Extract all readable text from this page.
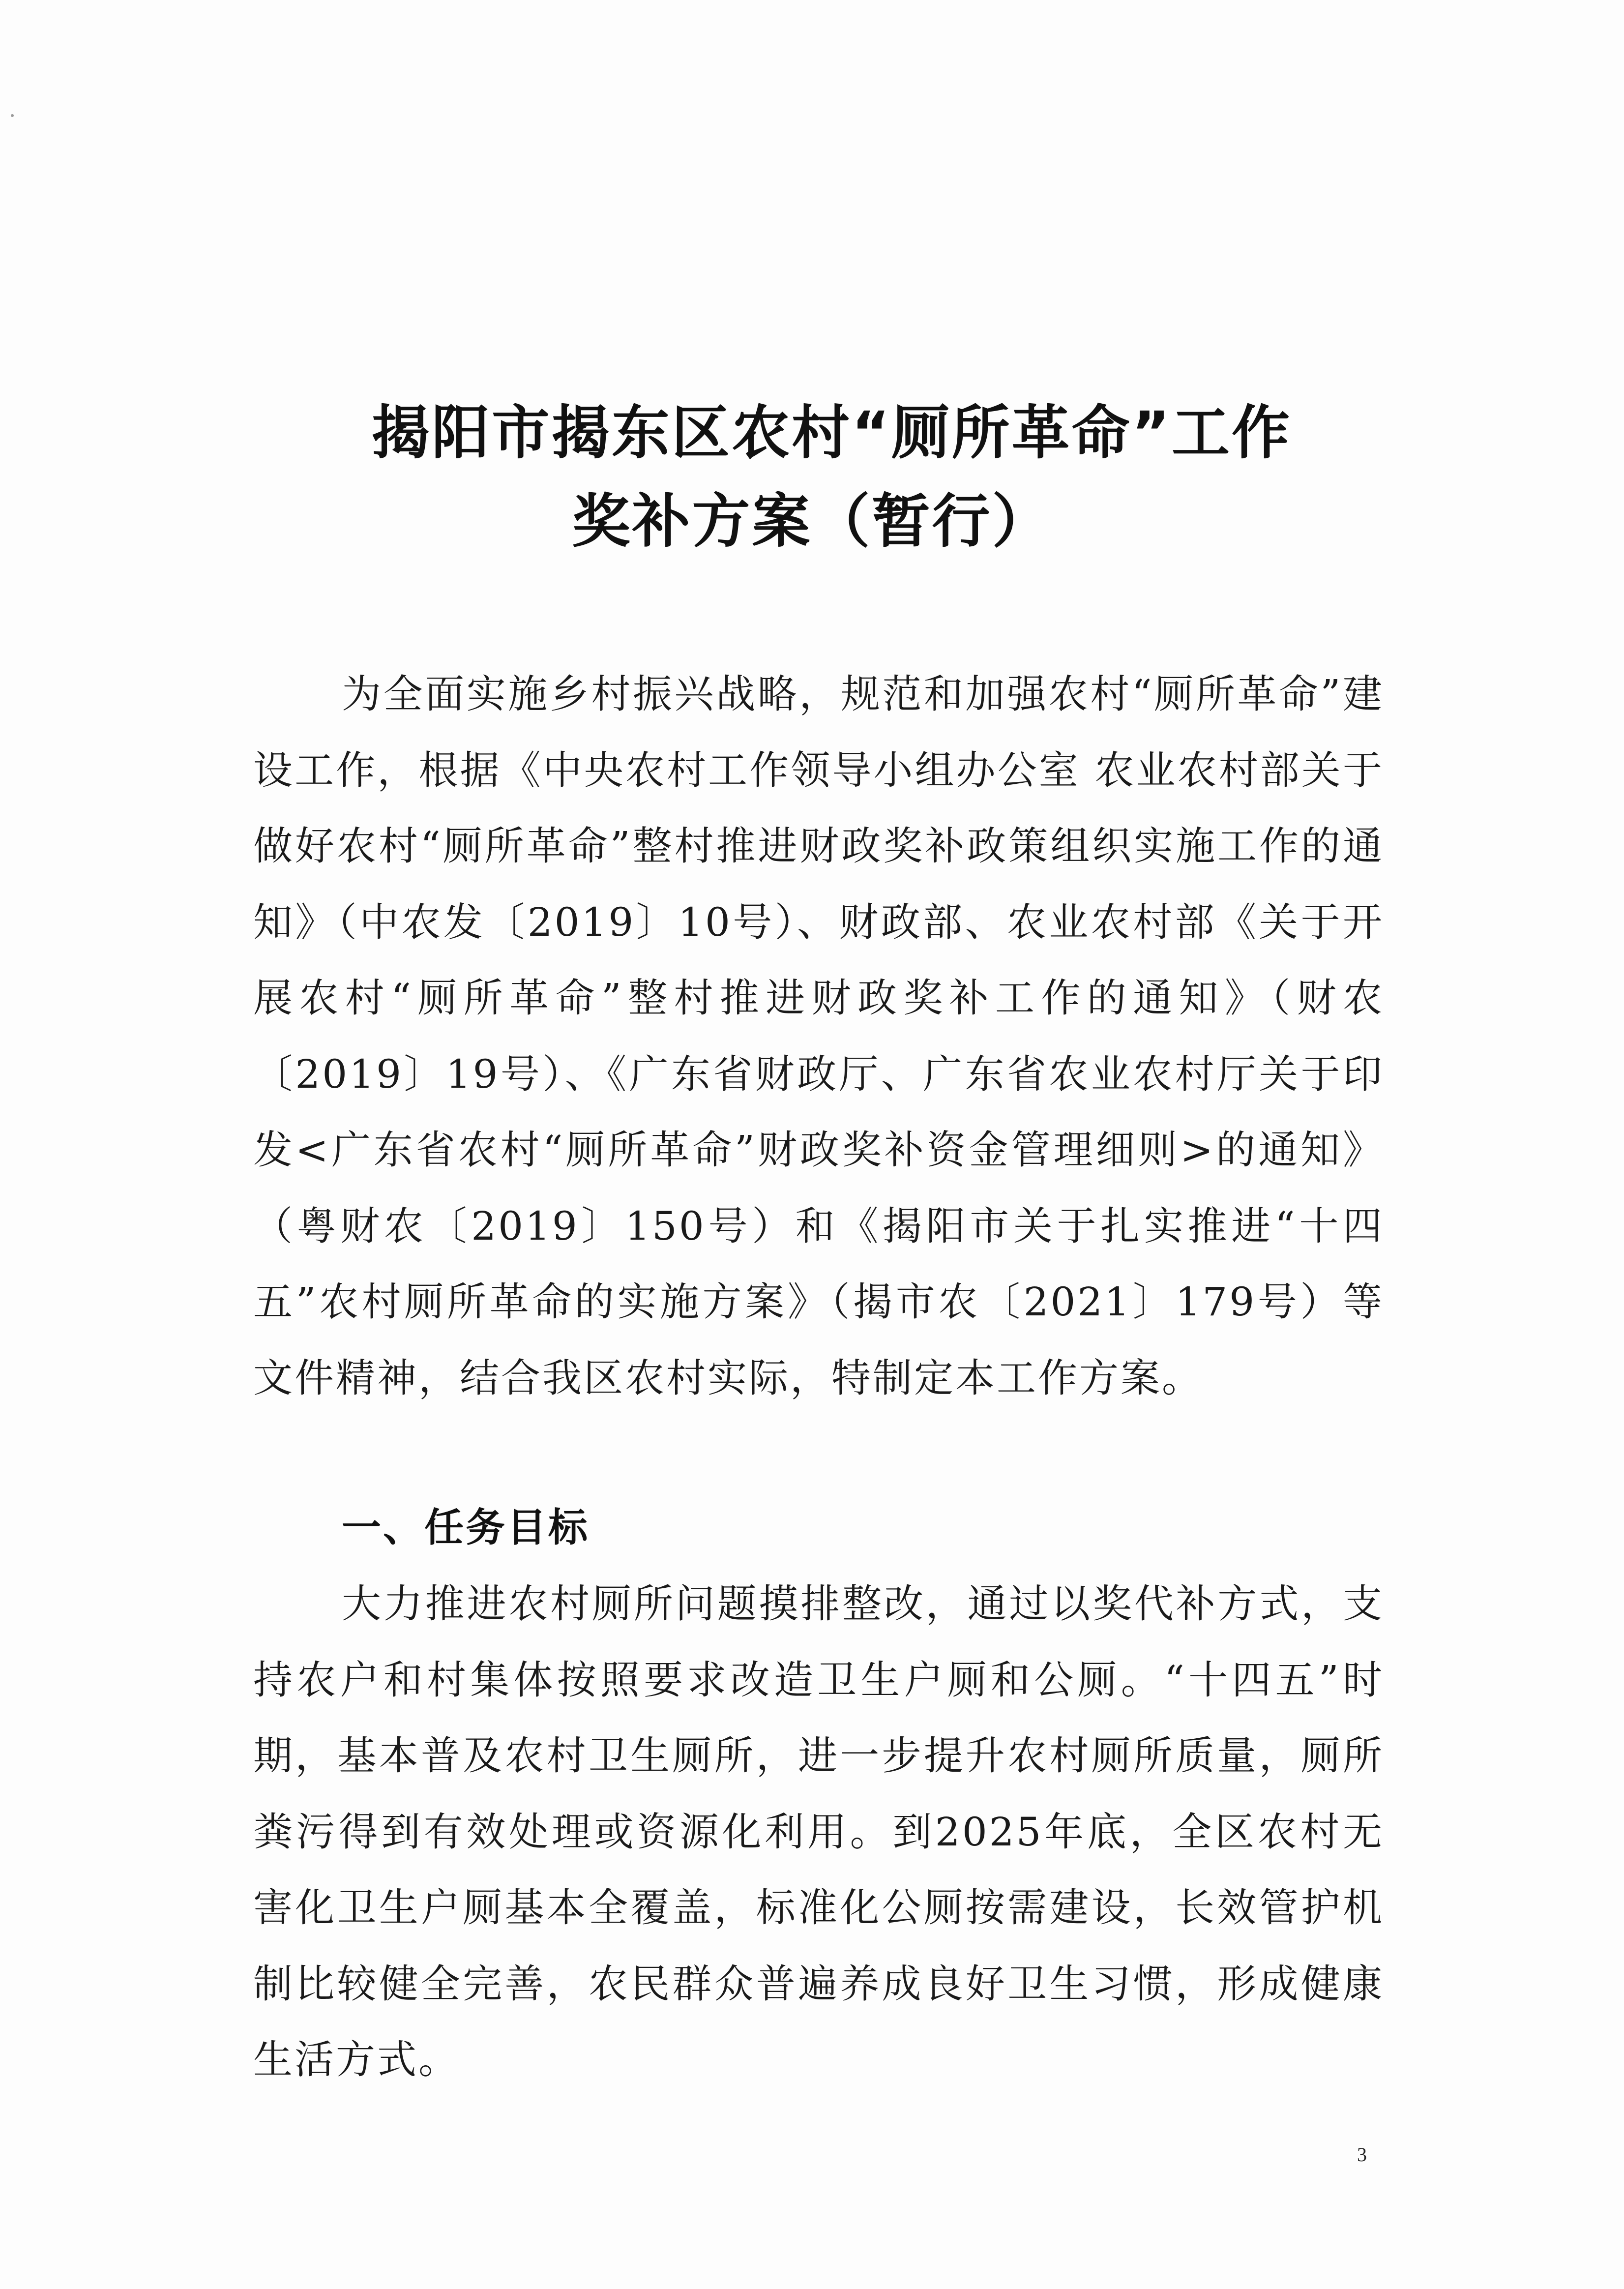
揭阳市揭东区农村“厕所革命”工作
奖补方案（暂行）

为全面实施乡村振兴战略，规范和加强农村“厕所革命”建设工作，根据《中央农村工作领导小组办公室 农业农村部关于做好农村“厕所革命”整村推进财政奖补政策组织实施工作的通知》（中农发〔2019〕10号）、财政部、农业农村部《关于开展农村“厕所革命”整村推进财政奖补工作的通知》（财农〔2019〕19号）、《广东省财政厅、广东省农业农村厅关于印发<广东省农村“厕所革命”财政奖补资金管理细则>的通知》（粤财农〔2019〕150号）和《揭阳市关于扎实推进“十四五”农村厕所革命的实施方案》（揭市农〔2021〕179号）等文件精神，结合我区农村实际，特制定本工作方案。

一、任务目标

大力推进农村厕所问题摸排整改，通过以奖代补方式，支持农户和村集体按照要求改造卫生户厕和公厕。“十四五”时期，基本普及农村卫生厕所，进一步提升农村厕所质量，厕所粪污得到有效处理或资源化利用。到2025年底，全区农村无害化卫生户厕基本全覆盖，标准化公厕按需建设，长效管护机制比较健全完善，农民群众普遍养成良好卫生习惯，形成健康生活方式。

3
